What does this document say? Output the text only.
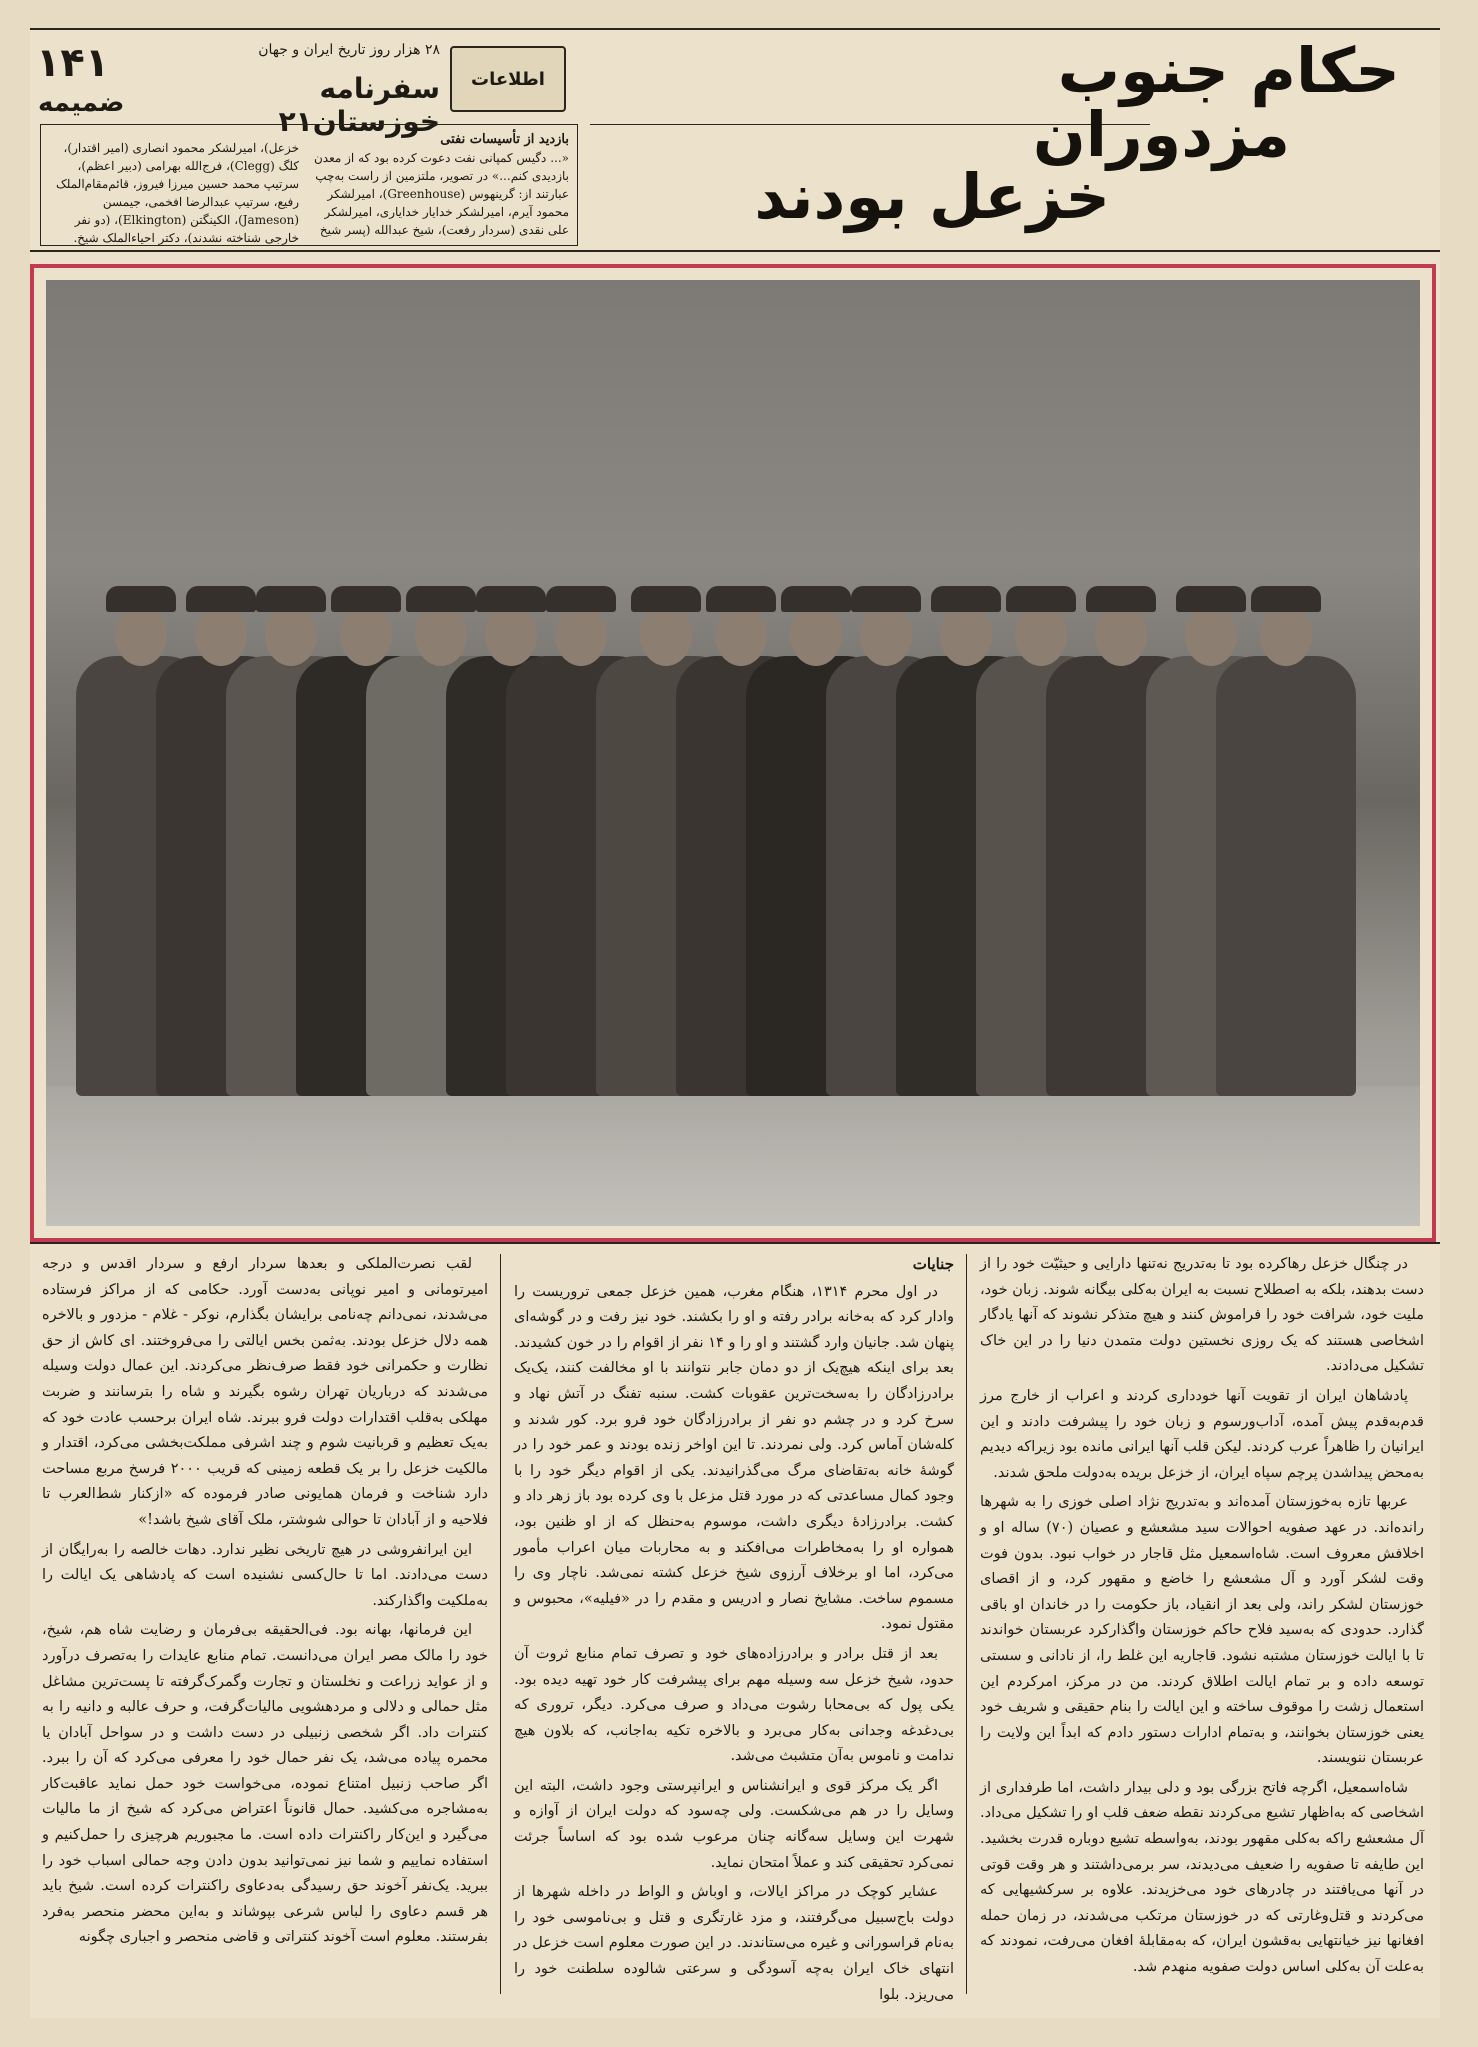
۱۴۱
ضمیمه
۲۸ هزار روز تاریخ ایران و جهان
سفرنامه خوزستان۲۱
اطلاعات	حکام جنوب
مزدوران
خزعل بودند
بازدید از تأسیسات نفتی
«... دگیس کمپانی نفت دعوت کرده بود که از معدن بازدیدی کنم...» در تصویر، ملتزمین از راست به‌چپ عبارتند از: گرینهوس (Greenhouse)، امیرلشکر محمود آیرم، امیرلشکر خدایار خدایاری، امیرلشکر علی نقدی (سردار رفعت)، شیخ عبدالله (پسر شیخ
خزعل)، امیرلشکر محمود انصاری (امیر اقتدار)، کلگ (Clegg)، فرج‌الله بهرامی (دبیر اعظم)، سرتیپ محمد حسین میرزا فیروز، قائم‌مقام‌الملک رفیع، سرتیپ عبدالرضا افخمی، جیمسن (Jameson)، الکینگتن (Elkington)، (دو نفر خارجی شناخته نشدند)، دکتر احیاءالملک شیخ.

در چنگال خزعل رهاکرده بود تا به‌تدریج نه‌تنها دارایی و حیثیّت خود را از دست بدهند، بلکه به اصطلاح نسبت به ایران به‌کلی بیگانه شوند. زبان خود، ملیت خود، شرافت خود را فراموش کنند و هیچ متذکر نشوند که آنها یادگار اشخاصی هستند که یک روزی نخستین دولت متمدن دنیا را در این خاک تشکیل می‌دادند.

پادشاهان ایران از تقویت آنها خودداری کردند و اعراب از خارج مرز قدم‌به‌قدم پیش آمده، آداب‌ورسوم و زبان خود را پیشرفت دادند و این ایرانیان را ظاهراً عرب کردند. لیکن قلب آنها ایرانی مانده بود زیراکه دیدیم به‌محض پیداشدن پرچم سپاه ایران، از خزعل بریده به‌دولت ملحق شدند.

عربها تازه به‌خوزستان آمده‌اند و به‌تدریج نژاد اصلی خوزی را به شهرها رانده‌اند. در عهد صفویه احوالات سید مشعشع و عصیان (۷۰) ساله او و اخلافش معروف است. شاه‌اسمعیل مثل قاجار در خواب نبود. بدون فوت وقت لشکر آورد و آل مشعشع را خاضع و مقهور کرد، و از اقصای خوزستان لشکر راند، ولی بعد از انقیاد، باز حکومت را در خاندان او باقی گذارد. حدودی که به‌سید فلاح حاکم خوزستان واگذارکرد عربستان خواندند تا با ایالت خوزستان مشتبه نشود. قاجاریه این غلط را، از نادانی و سستی توسعه داده و بر تمام ایالت اطلاق کردند. من در مرکز، امرکردم این استعمال زشت را موقوف ساخته و این ایالت را بنام حقیقی و شریف خود یعنی خوزستان بخوانند، و به‌تمام ادارات دستور دادم که ابداً این ولایت را عربستان ننویسند.

شاه‌اسمعیل، اگرچه فاتح بزرگی بود و دلی بیدار داشت، اما طرفداری از اشخاصی که به‌اظهار تشیع می‌کردند نقطه ضعف قلب او را تشکیل می‌داد. آل مشعشع راکه به‌کلی مقهور بودند، به‌واسطه تشیع دوباره قدرت بخشید. این طایفه تا صفویه را ضعیف می‌دیدند، سر برمی‌داشتند و هر وقت قوتی در آنها می‌یافتند در چادرهای خود می‌خزیدند. علاوه بر سرکشیهایی که می‌کردند و قتل‌وغارتی که در خوزستان مرتکب می‌شدند، در زمان حمله افغانها نیز خیانتهایی به‌قشون ایران، که به‌مقابلهٔ افغان می‌رفت، نمودند که به‌علت آن به‌کلی اساس دولت صفویه منهدم شد.

جنایات

در اول محرم ۱۳۱۴، هنگام مغرب، همین خزعل جمعی تروریست را وادار کرد که به‌خانه برادر رفته و او را بکشند. خود نیز رفت و در گوشه‌ای پنهان شد. جانیان وارد گشتند و او را و ۱۴ نفر از اقوام را در خون کشیدند. بعد برای اینکه هیچ‌یک از دو دمان جابر نتوانند با او مخالفت کنند، یک‌یک برادرزادگان را به‌سخت‌ترین عقوبات کشت. سنبه تفنگ در آتش نهاد و سرخ کرد و در چشم دو نفر از برادرزادگان خود فرو برد. کور شدند و کله‌شان آماس کرد. ولی نمردند. تا این اواخر زنده بودند و عمر خود را در گوشهٔ خانه به‌تقاضای مرگ می‌گذرانیدند. یکی از اقوام دیگر خود را با وجود کمال مساعدتی که در مورد قتل مزعل با وی کرده بود باز زهر داد و کشت. برادرزادهٔ دیگری داشت، موسوم به‌حنظل که از او ظنین بود، همواره او را به‌مخاطرات می‌افکند و به محاربات میان اعراب مأمور می‌کرد، اما او برخلاف آرزوی شیخ خزعل کشته نمی‌شد. ناچار وی را مسموم ساخت. مشایخ نصار و ادریس و مقدم را در «فیلیه»، محبوس و مقتول نمود.

بعد از قتل برادر و برادرزاده‌های خود و تصرف تمام منابع ثروت آن حدود، شیخ خزعل سه وسیله مهم برای پیشرفت کار خود تهیه دیده بود. یکی پول که بی‌محابا رشوت می‌داد و صرف می‌کرد. دیگر، تروری که بی‌دغدغه وجدانی به‌کار می‌برد و بالاخره تکیه به‌اجانب، که بلاون هیچ ندامت و ناموس به‌آن متشبث می‌شد.

اگر یک مرکز قوی و ایرانشناس و ایرانپرستی وجود داشت، البته این وسایل را در هم می‌شکست. ولی چه‌سود که دولت ایران از آوازه و شهرت این وسایل سه‌گانه چنان مرعوب شده بود که اساساً جرئت نمی‌کرد تحقیقی کند و عملاً امتحان نماید.

عشایر کوچک در مراکز ایالات، و اوباش و الواط در داخله شهرها از دولت باج‌سبیل می‌گرفتند، و مزد غارتگری و قتل و بی‌ناموسی خود را به‌نام قراسورانی و غیره می‌ستاندند. در این صورت معلوم است خزعل در انتهای خاک ایران به‌چه آسودگی و سرعتی شالوده سلطنت خود را می‌ریزد. بلوا

لقب نصرت‌الملکی و بعدها سردار ارفع و سردار اقدس و درجه امیرتومانی و امیر نوپانی به‌دست آورد. حکامی که از مراکز فرستاده می‌شدند، نمی‌دانم چه‌نامی برایشان بگذارم، نوکر - غلام - مزدور و بالاخره همه دلال خزعل بودند. به‌ثمن بخس ایالتی را می‌فروختند. ای کاش از حق نظارت و حکمرانی خود فقط صرف‌نظر می‌کردند. این عمال دولت وسیله می‌شدند که درباریان تهران رشوه بگیرند و شاه را بترسانند و ضربت مهلکی به‌قلب اقتدارات دولت فرو ببرند. شاه ایران برحسب عادت خود که به‌یک تعظیم و قربانیت شوم و چند اشرفی مملکت‌بخشی می‌کرد، اقتدار و مالکیت خزعل را بر یک قطعه زمینی که قریب ۲۰۰۰ فرسخ مربع مساحت دارد شناخت و فرمان همایونی صادر فرموده که «ازکنار شط‌العرب تا فلاحیه و از آبادان تا حوالی شوشتر، ملک آقای شیخ باشد!»

این ایرانفروشی در هیچ تاریخی نظیر ندارد. دهات خالصه را به‌رایگان از دست می‌دادند. اما تا حال‌کسی نشنیده است که پادشاهی یک ایالت را به‌ملکیت واگذارکند.

این فرمانها، بهانه بود. فی‌الحقیقه بی‌فرمان و رضایت شاه هم، شیخ، خود را مالک مصر ایران می‌دانست. تمام منابع عایدات را به‌تصرف درآورد و از عواید زراعت و نخلستان و تجارت وگمرک‌گرفته تا پست‌ترین مشاغل مثل حمالی و دلالی و مردهشویی مالیات‌گرفت، و حرف عالبه و دانیه را به کنترات داد. اگر شخصی زنبیلی در دست داشت و در سواحل آبادان یا محمره پیاده می‌شد، یک نفر حمال خود را معرفی می‌کرد که آن را ببرد. اگر صاحب زنبیل امتناع نموده، می‌خواست خود حمل نماید عاقبت‌کار به‌مشاجره می‌کشید. حمال قانوناً اعتراض می‌کرد که شیخ از ما مالیات می‌گیرد و این‌کار راکنترات داده است. ما مجبوریم هرچیزی را حمل‌کنیم و استفاده نماییم و شما نیز نمی‌توانید بدون دادن وجه حمالی اسباب خود را ببرید. یک‌نفر آخوند حق رسیدگی به‌دعاوی راکنترات کرده است. شیخ باید هر قسم دعاوی را لباس شرعی بپوشاند و به‌این محضر منحصر به‌فرد بفرستند. معلوم است آخوند کنتراتی و قاضی منحصر و اجباری چگونه
